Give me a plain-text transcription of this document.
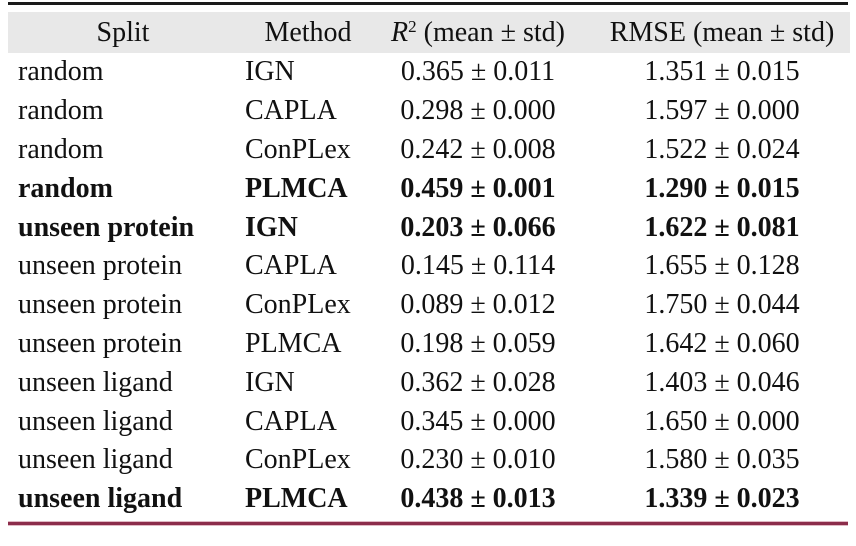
Split	Method	$R^2$ (mean ± std)	RMSE (mean ± std)
random	IGN	0.365 ± 0.011	1.351 ± 0.015
random	CAPLA	0.298 ± 0.000	1.597 ± 0.000
random	ConPLex	0.242 ± 0.008	1.522 ± 0.024
random	PLMCA	0.459 ± 0.001	1.290 ± 0.015
unseen protein	IGN	0.203 ± 0.066	1.622 ± 0.081
unseen protein	CAPLA	0.145 ± 0.114	1.655 ± 0.128
unseen protein	ConPLex	0.089 ± 0.012	1.750 ± 0.044
unseen protein	PLMCA	0.198 ± 0.059	1.642 ± 0.060
unseen ligand	IGN	0.362 ± 0.028	1.403 ± 0.046
unseen ligand	CAPLA	0.345 ± 0.000	1.650 ± 0.000
unseen ligand	ConPLex	0.230 ± 0.010	1.580 ± 0.035
unseen ligand	PLMCA	0.438 ± 0.013	1.339 ± 0.023
